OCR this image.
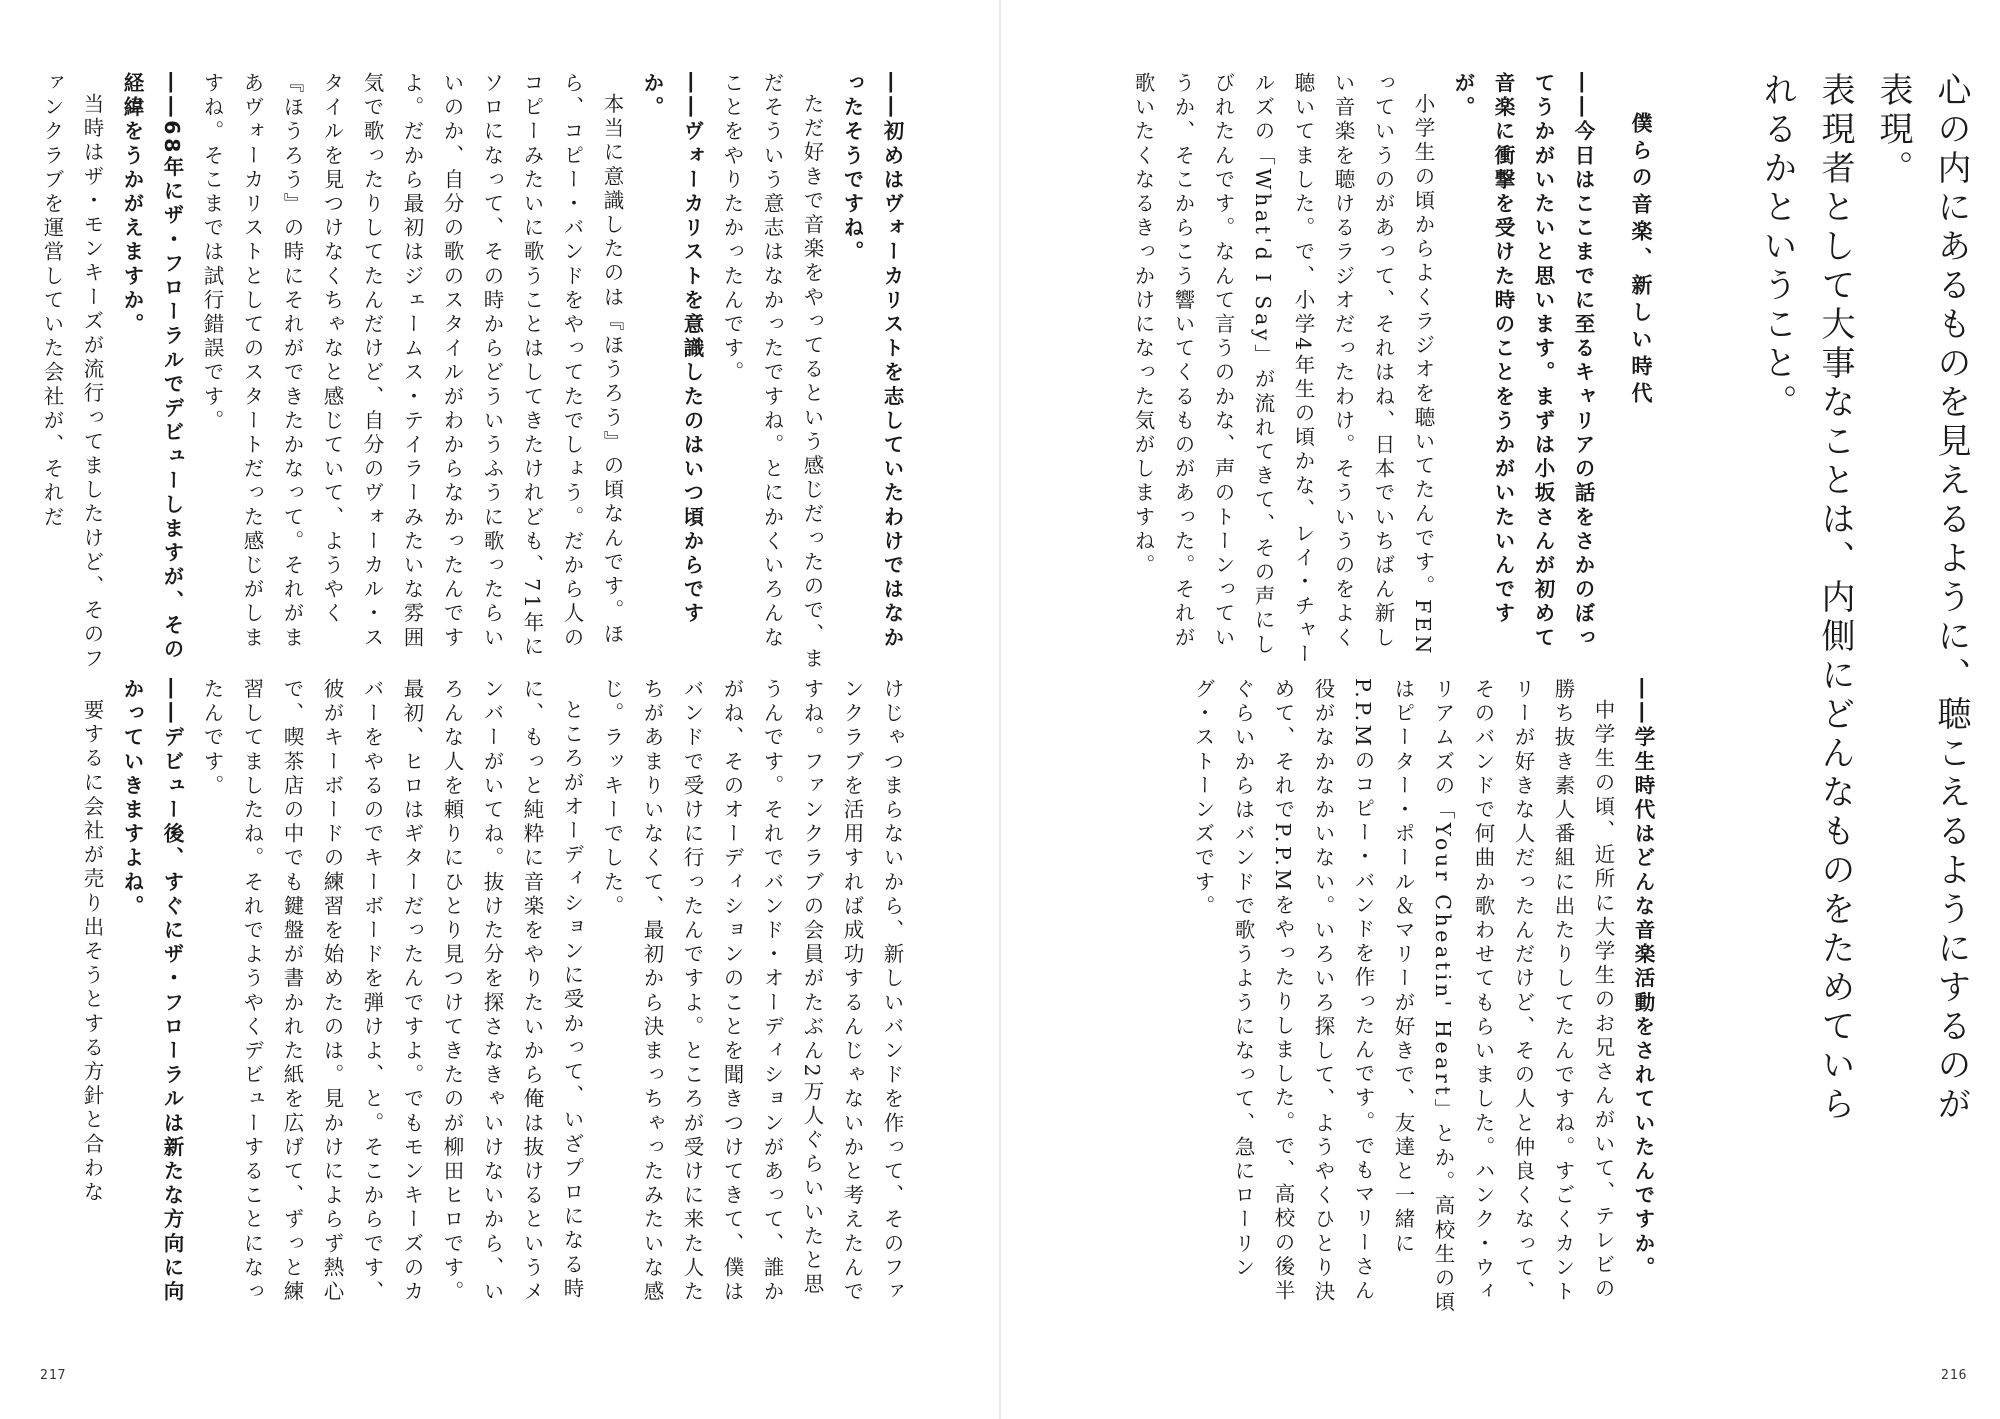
心の内にあるものを見えるように、聴こえるようにするのが表現。

表現者として大事なことは、内側にどんなものをためていられるかということ。

僕らの音楽、新しい時代

――今日はここまでに至るキャリアの話をさかのぼってうかがいたいと思います。まずは小坂さんが初めて音楽に衝撃を受けた時のことをうかがいたいんですが。

小学生の頃からよくラジオを聴いてたんです。FENっていうのがあって、それはね、日本でいちばん新しい音楽を聴けるラジオだったわけ。そういうのをよく聴いてました。で、小学4年生の頃かな、レイ・チャールズの「What'd I Say」が流れてきて、その声にしびれたんです。なんて言うのかな、声のトーンっていうか、そこからこう響いてくるものがあった。それが歌いたくなるきっかけになった気がしますね。

――学生時代はどんな音楽活動をされていたんですか。

中学生の頃、近所に大学生のお兄さんがいて、テレビの勝ち抜き素人番組に出たりしてたんですね。すごくカントリーが好きな人だったんだけど、その人と仲良くなって、そのバンドで何曲か歌わせてもらいました。ハンク・ウィリアムズの「Your Cheatin' Heart」とか。高校生の頃はピーター・ポール＆マリーが好きで、友達と一緒にP.P.Mのコピー・バンドを作ったんです。でもマリーさん役がなかなかいない。いろいろ探して、ようやくひとり決めて、それでP.P.Mをやったりしました。で、高校の後半ぐらいからはバンドで歌うようになって、急にローリング・ストーンズです。

216

――初めはヴォーカリストを志していたわけではなかったそうですね。

ただ好きで音楽をやってるという感じだったので、まだそういう意志はなかったですね。とにかくいろんなことをやりたかったんです。

――ヴォーカリストを意識したのはいつ頃からですか。

本当に意識したのは『ほうろう』の頃なんです。ほら、コピー・バンドをやってたでしょう。だから人のコピーみたいに歌うことはしてきたけれども、71年にソロになって、その時からどういうふうに歌ったらいいのか、自分の歌のスタイルがわからなかったんですよ。だから最初はジェームス・テイラーみたいな雰囲気で歌ったりしてたんだけど、自分のヴォーカル・スタイルを見つけなくちゃなと感じていて、ようやく『ほうろう』の時にそれができたかなって。それがまあヴォーカリストとしてのスタートだった感じがしますね。そこまでは試行錯誤です。

――68年にザ・フローラルでデビューしますが、その経緯をうかがえますか。

当時はザ・モンキーズが流行ってましたけど、そのファンクラブを運営していた会社が、それだ

けじゃつまらないから、新しいバンドを作って、そのファンクラブを活用すれば成功するんじゃないかと考えたんですね。ファンクラブの会員がたぶん2万人ぐらいいたと思うんです。それでバンド・オーディションがあって、誰かがね、そのオーディションのことを聞きつけてきて、僕はバンドで受けに行ったんですよ。ところが受けに来た人たちがあまりいなくて、最初から決まっちゃったみたいな感じ。ラッキーでした。

ところがオーディションに受かって、いざプロになる時に、もっと純粋に音楽をやりたいから俺は抜けるというメンバーがいてね。抜けた分を探さなきゃいけないから、いろんな人を頼りにひとり見つけてきたのが柳田ヒロです。最初、ヒロはギターだったんですよ。でもモンキーズのカバーをやるのでキーボードを弾けよ、と。そこからです、彼がキーボードの練習を始めたのは。見かけによらず熱心で、喫茶店の中でも鍵盤が書かれた紙を広げて、ずっと練習してましたね。それでようやくデビューすることになったんです。

――デビュー後、すぐにザ・フローラルは新たな方向に向かっていきますよね。

要するに会社が売り出そうとする方針と合わな

217
